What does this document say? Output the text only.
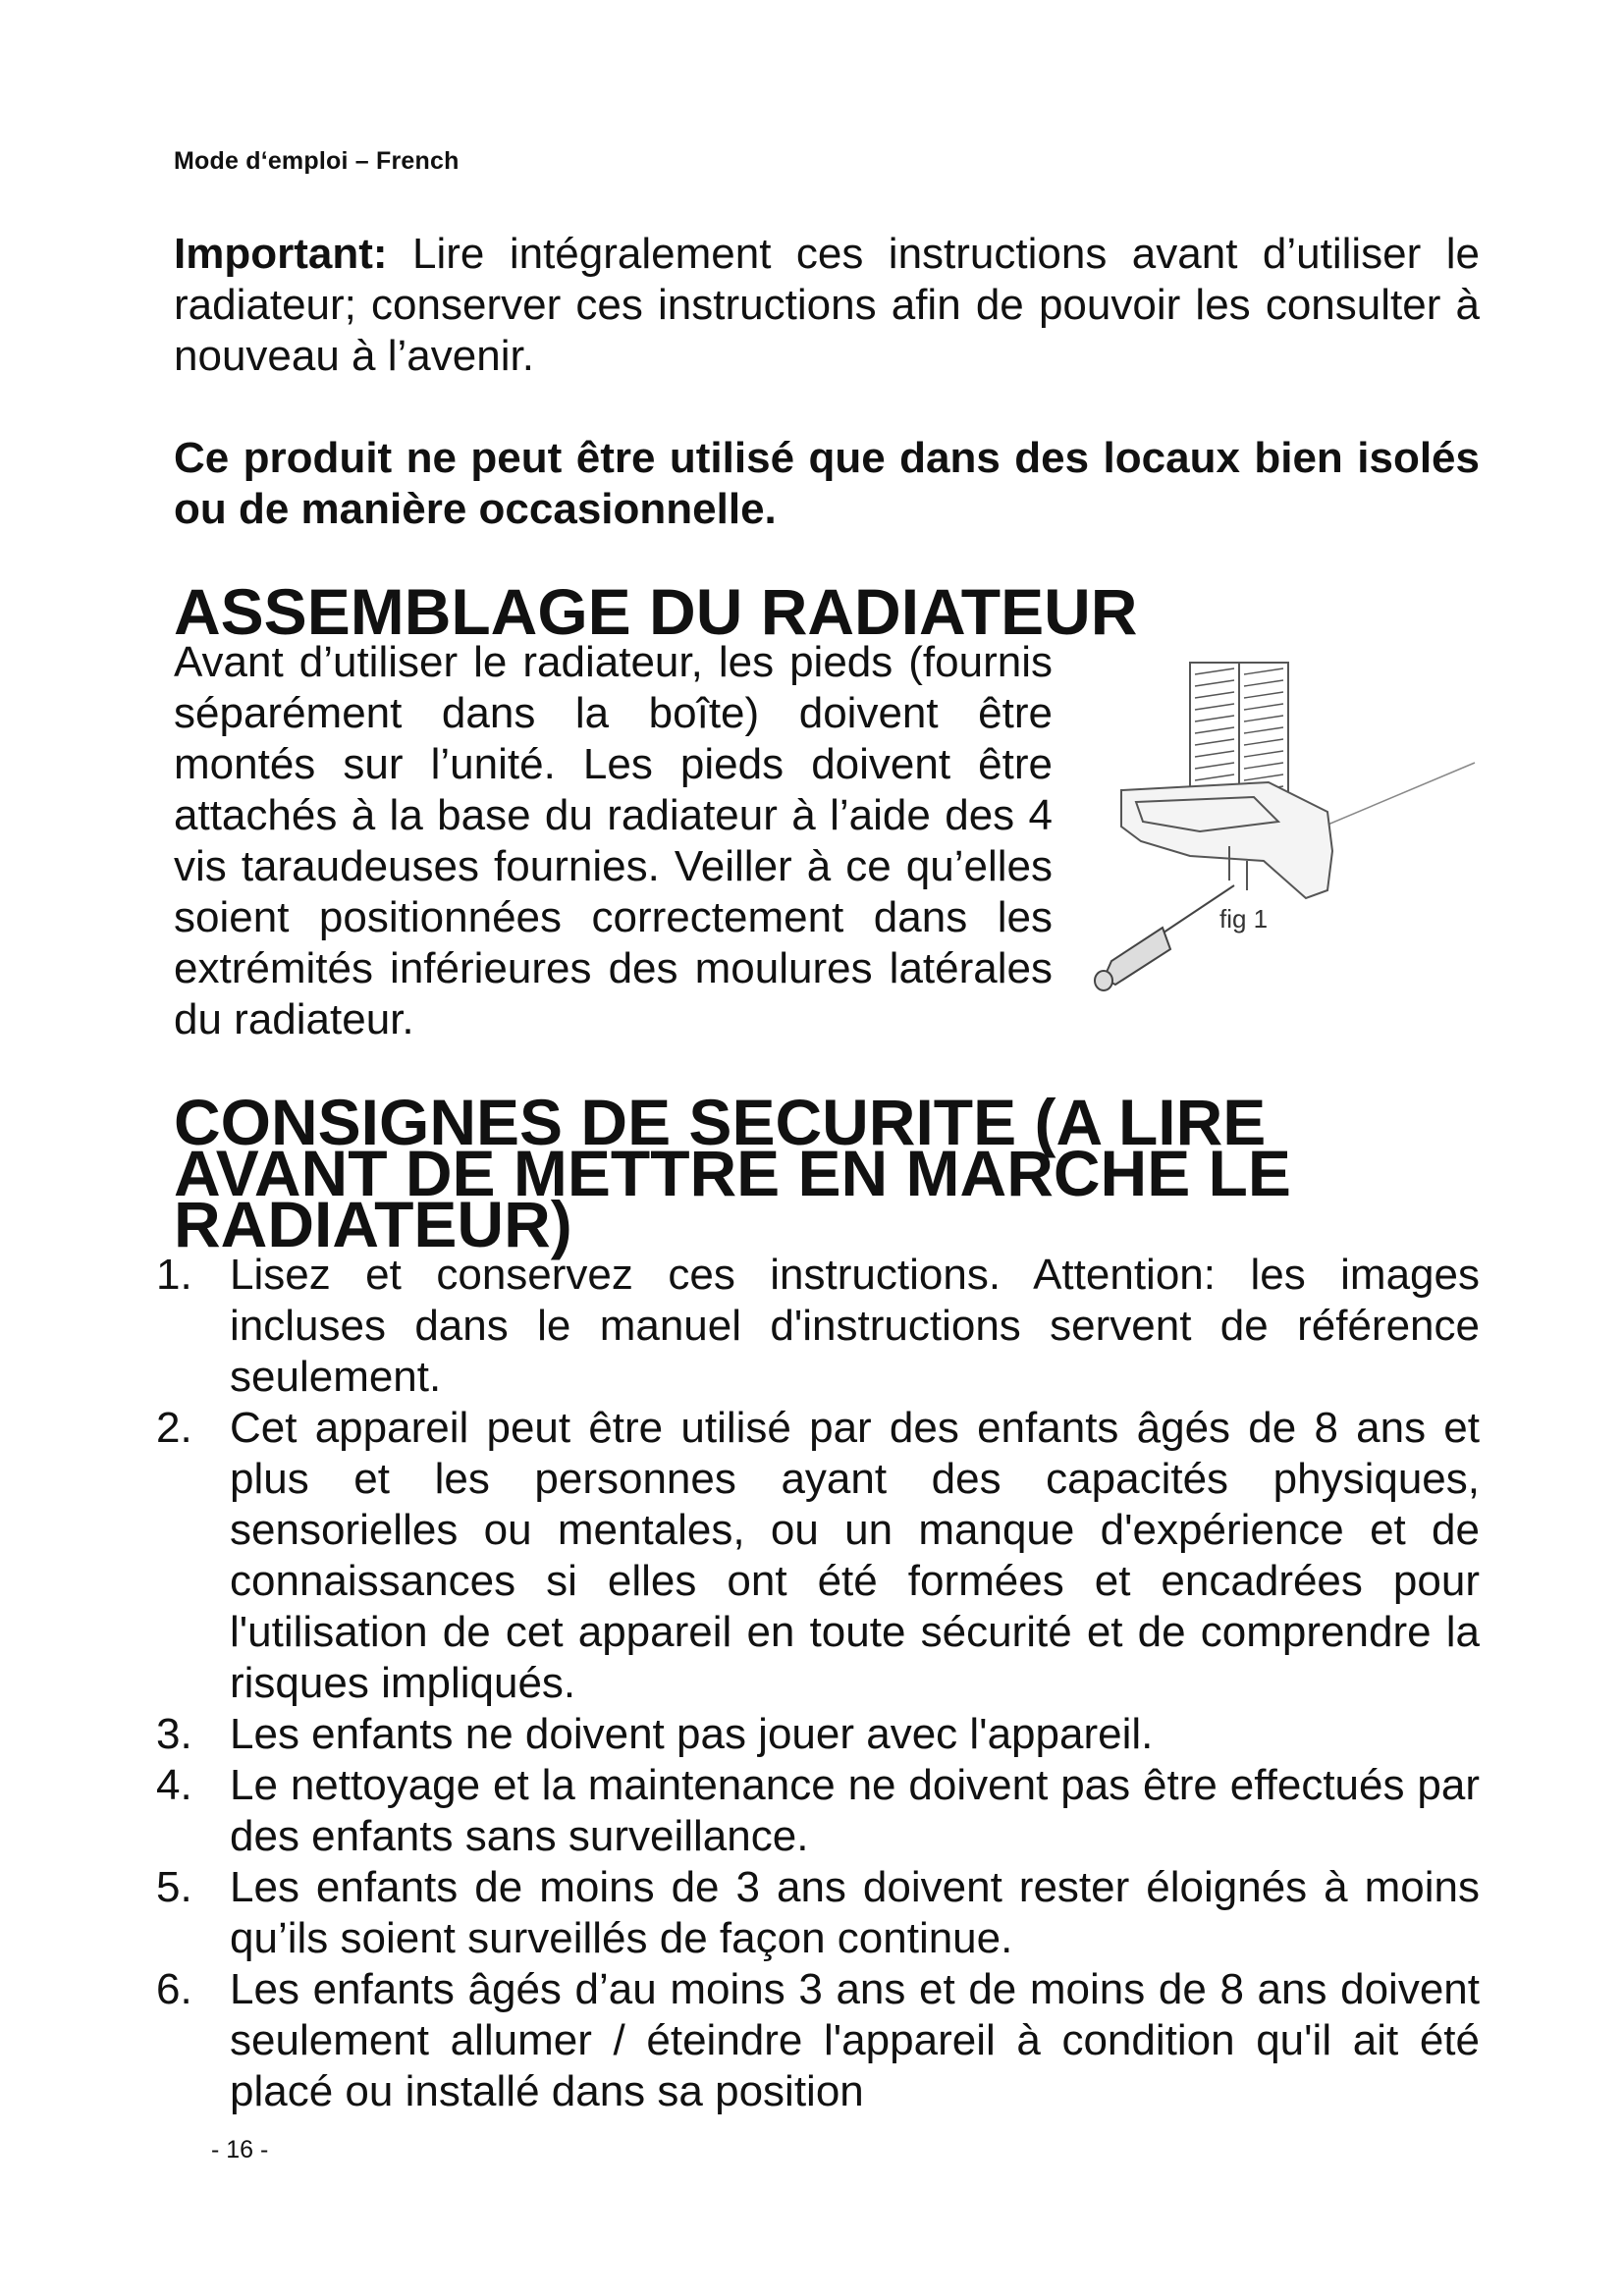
Mode d‘emploi – French

Important: Lire intégralement ces instructions avant d’utiliser le radiateur; conserver ces instructions afin de pouvoir les consulter à nouveau à l’avenir.

Ce produit ne peut être utilisé que dans des locaux bien isolés ou de manière occasionnelle.

ASSEMBLAGE DU RADIATEUR
fig 1

Avant d’utiliser le radiateur, les pieds (fournis séparément dans la boîte) doivent être montés sur l’unité. Les pieds doivent être attachés à la base du radiateur à l’aide des 4 vis taraudeuses fournies. Veiller à ce qu’elles soient positionnées correctement dans les extrémités inférieures des moulures latérales du radiateur.

CONSIGNES DE SECURITE (A LIRE AVANT DE METTRE EN MARCHE LE RADIATEUR)
1. Lisez et conservez ces instructions. Attention: les images incluses dans le manuel d'instructions servent de référence seulement.
2. Cet appareil peut être utilisé par des enfants âgés de 8 ans et plus et les personnes ayant des capacités physiques, sensorielles ou mentales, ou un manque d'expérience et de connaissances si elles ont été formées et encadrées pour l'utilisation de cet appareil en toute sécurité et de comprendre la risques impliqués.
3. Les enfants ne doivent pas jouer avec l'appareil.
4. Le nettoyage et la maintenance ne doivent pas être effectués par des enfants sans surveillance.
5. Les enfants de moins de 3 ans doivent rester éloignés à moins qu’ils soient surveillés de façon continue.
6. Les enfants âgés d’au moins 3 ans et de moins de 8 ans doivent seulement allumer / éteindre l'appareil à condition qu'il ait été placé ou installé dans sa position
- 16 -
